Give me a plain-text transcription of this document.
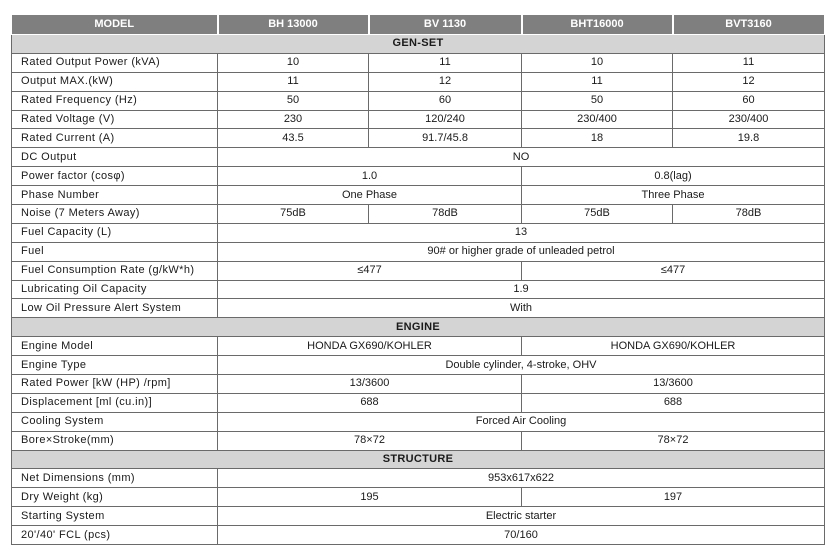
MODEL	BH 13000	BV 1130	BHT16000	BVT3160
GEN-SET				
Rated Output Power (kVA)	10	11	10	11
Output MAX.(kW)	11	12	11	12
Rated Frequency (Hz)	50	60	50	60
Rated Voltage (V)	230	120/240	230/400	230/400
Rated Current (A)	43.5	91.7/45.8	18	19.8
DC Output	NO			
Power factor (cosφ)	1.0		0.8(lag)	
Phase Number	One Phase		Three Phase	
Noise (7 Meters Away)	75dB	78dB	75dB	78dB
Fuel Capacity (L)	13			
Fuel	90# or higher grade of unleaded petrol			
Fuel Consumption Rate (g/kW*h)	≤477		≤477	
Lubricating Oil Capacity	1.9			
Low Oil Pressure Alert System	With			
ENGINE				
Engine Model	HONDA GX690/KOHLER		HONDA GX690/KOHLER	
Engine Type	Double cylinder, 4-stroke, OHV			
Rated Power [kW (HP) /rpm]	13/3600		13/3600	
Displacement [ml (cu.in)]	688		688	
Cooling System	Forced Air Cooling			
Bore×Stroke(mm)	78×72		78×72	
STRUCTURE				
Net Dimensions (mm)	953x617x622			
Dry Weight (kg)	195		197	
Starting System	Electric starter			
20'/40' FCL (pcs)	70/160			
